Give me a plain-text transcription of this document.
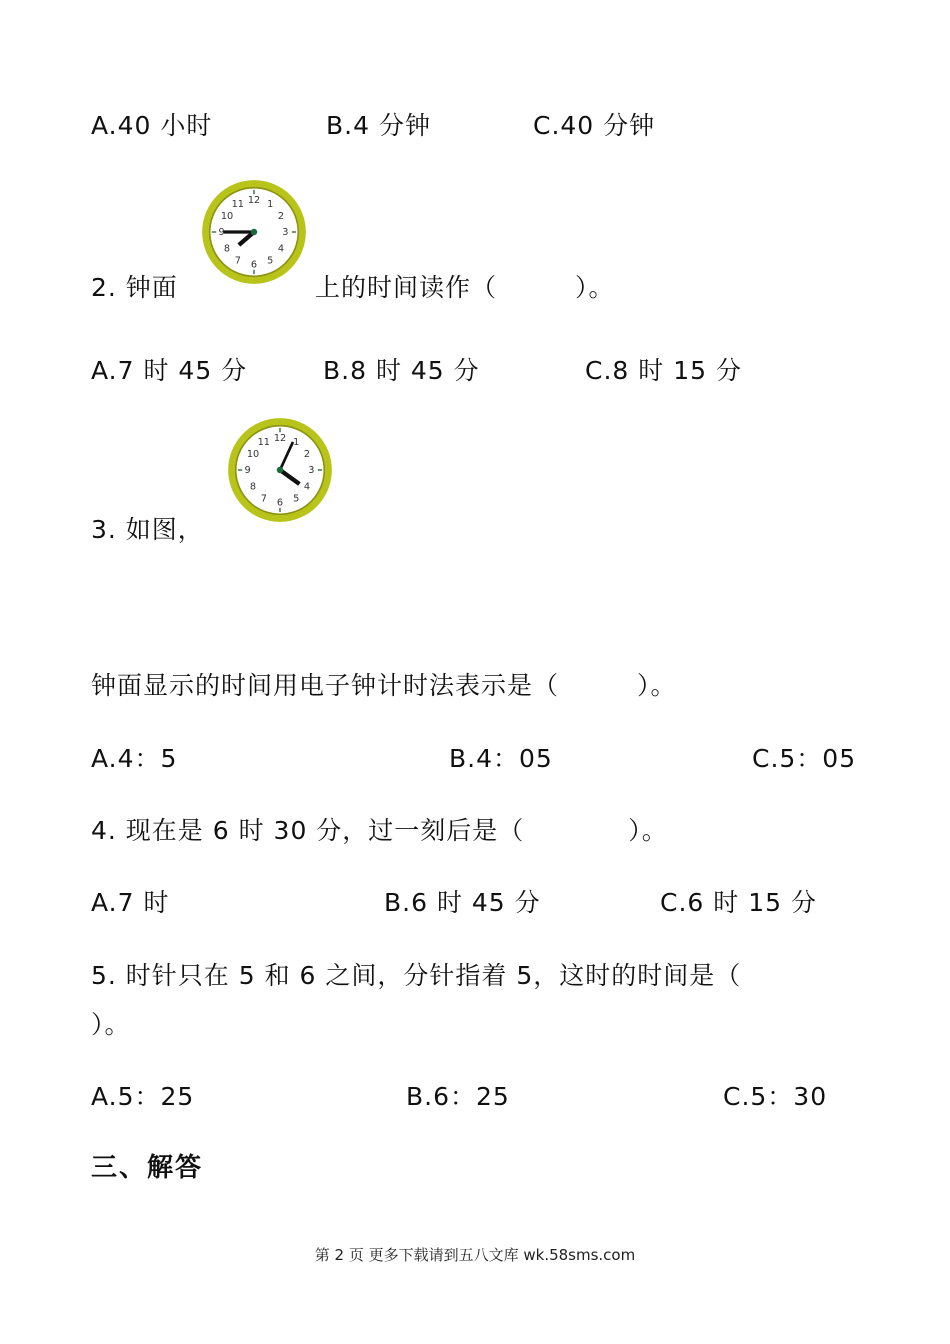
A.40 小时	B.4 分钟	C.40 分钟
2. 钟面
12 1
2
3
4
5
6
7
8
9
10
11
上的时间读作（　　　）。
A.7 时 45 分	B.8 时 45 分	C.8 时 15 分
3. 如图，
12 1
2
3
4
5
6
7
8
9
10
11
钟面显示的时间用电子钟计时法表示是（　　　）。
A.4：5	B.4：05	C.5：05
4. 现在是 6 时 30 分，过一刻后是（　　　　）。
A.7 时	B.6 时 45 分	C.6 时 15 分
5. 时针只在 5 和 6 之间，分针指着 5，这时的时间是（
）。
A.5：25	B.6：25	C.5：30
三、解答
第 2 页 更多下载请到五八文库 wk.58sms.com
